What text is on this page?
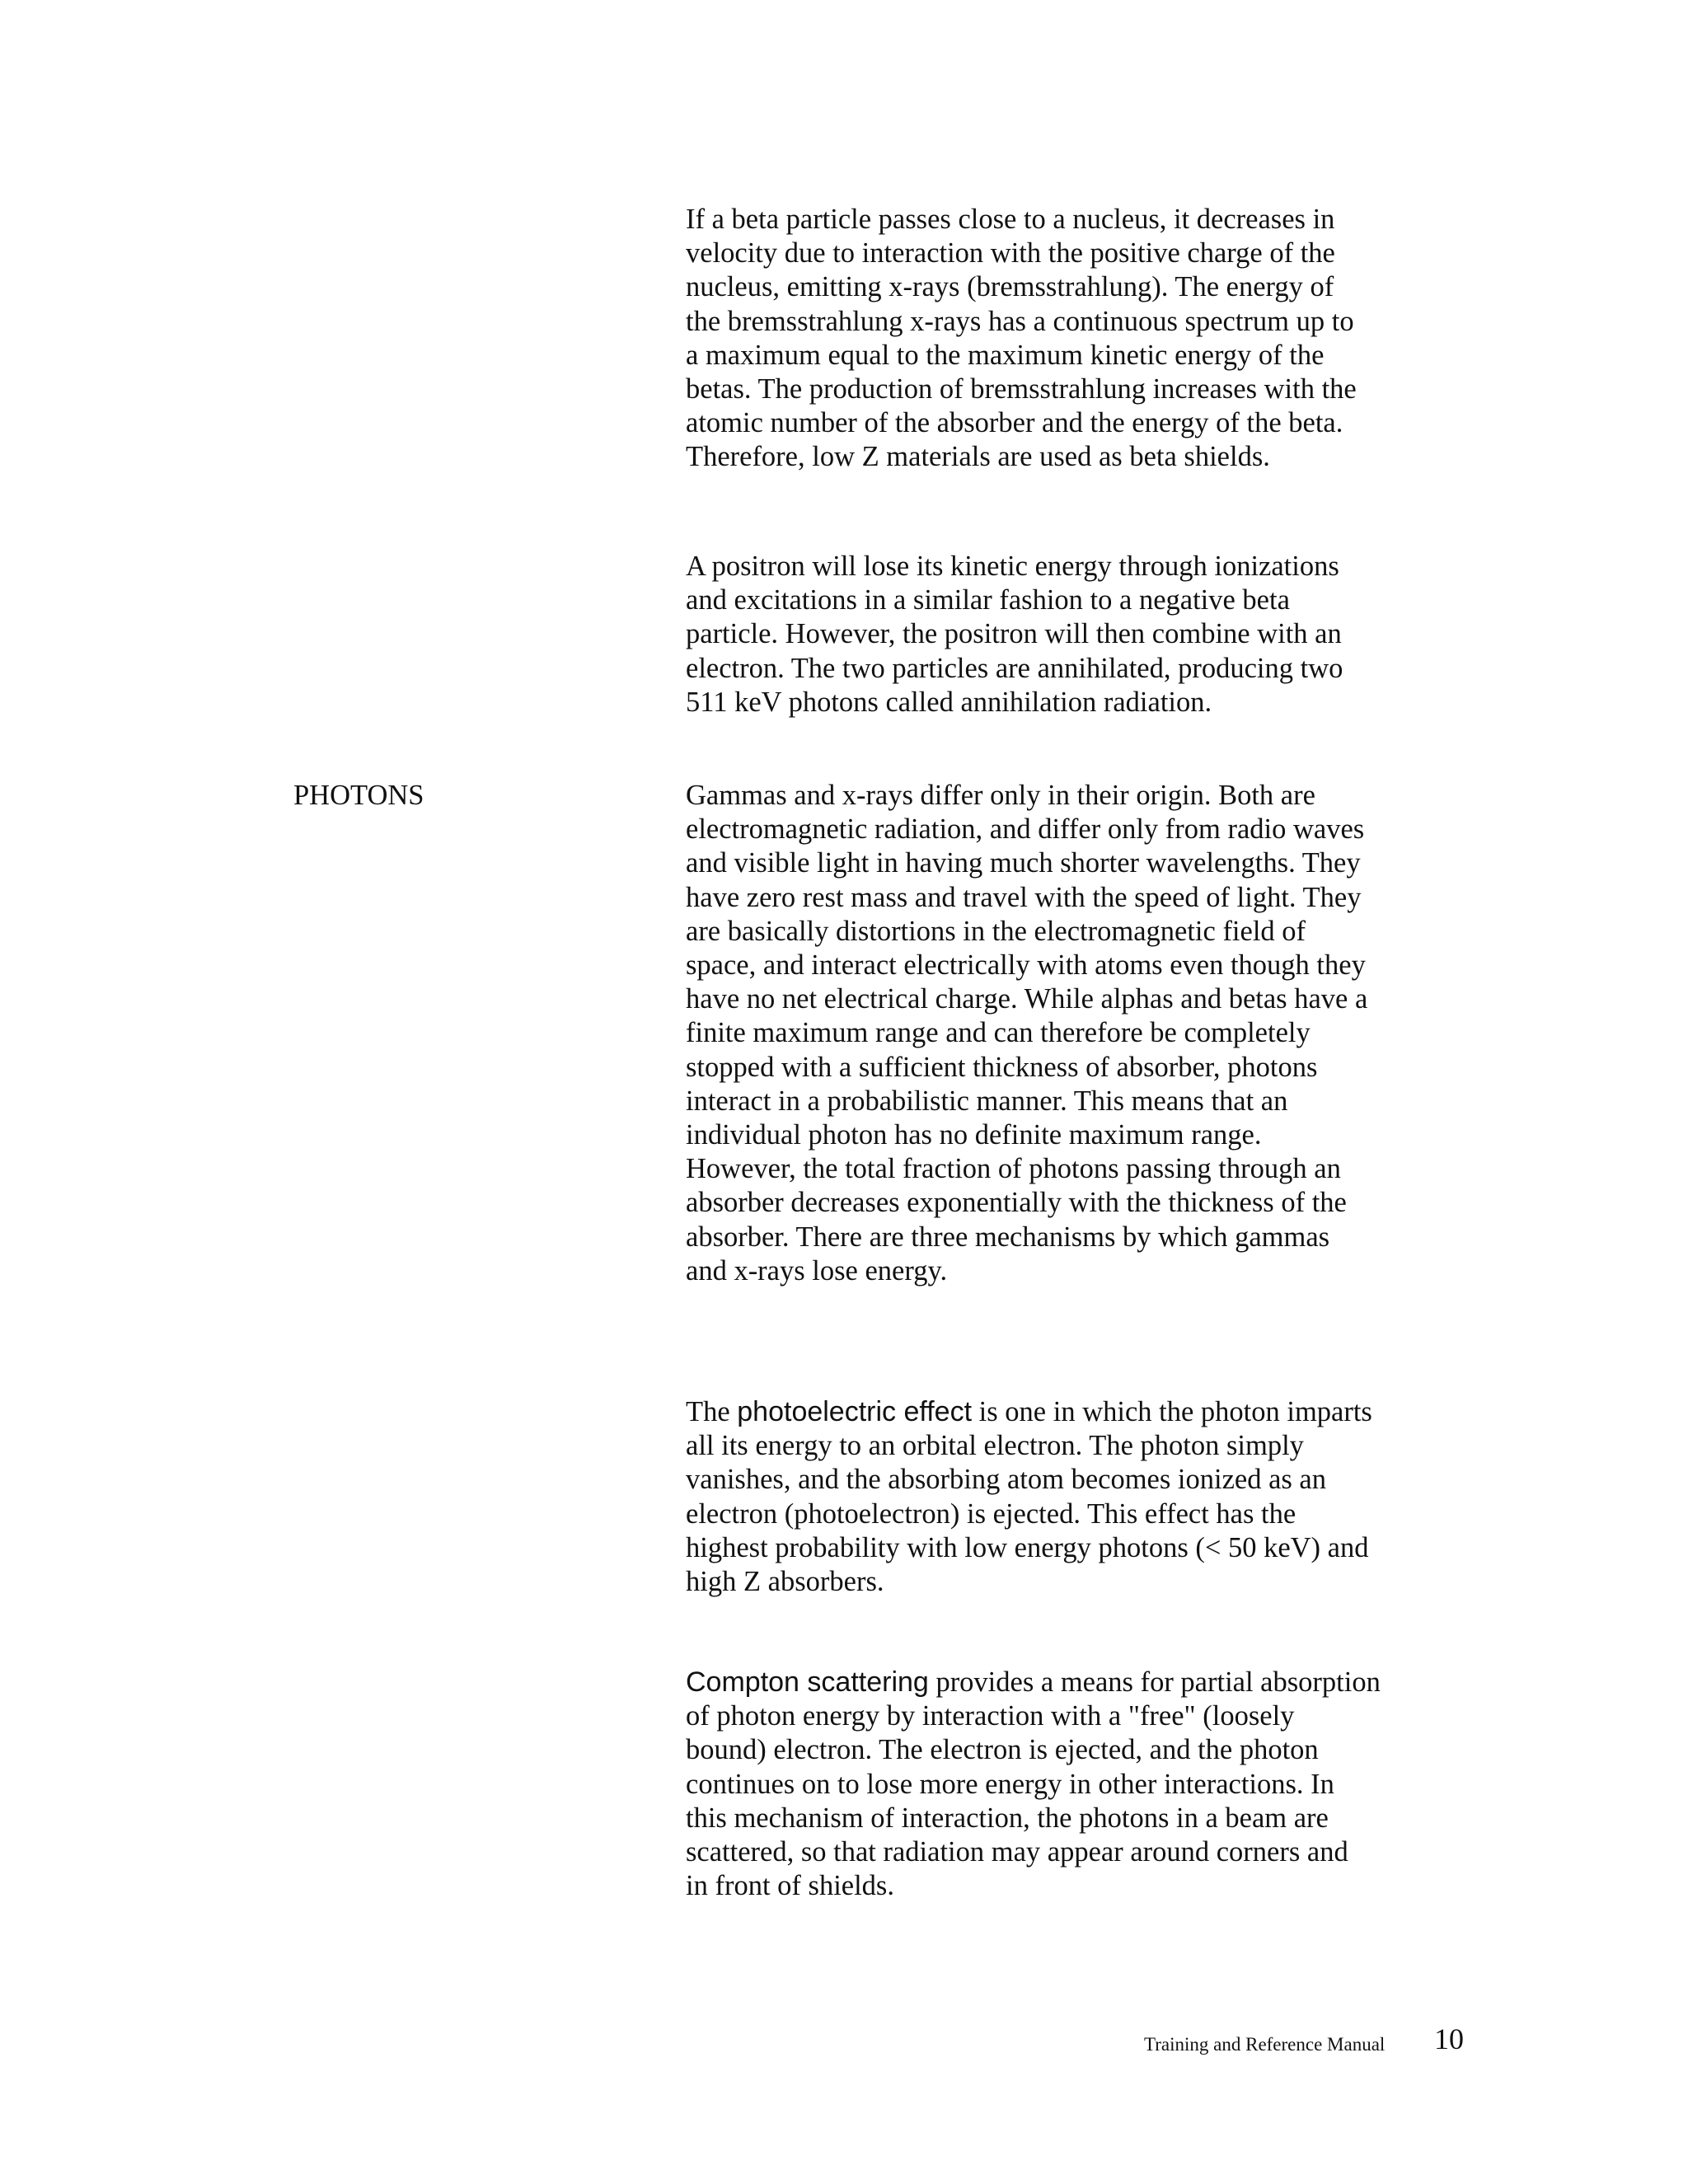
If a beta particle passes close to a nucleus, it decreases in
velocity due to interaction with the positive charge of the
nucleus, emitting x-rays (bremsstrahlung). The energy of
the bremsstrahlung x-rays has a continuous spectrum up to
a maximum equal to the maximum kinetic energy of the
betas. The production of bremsstrahlung increases with the
atomic number of the absorber and the energy of the beta.
Therefore, low Z materials are used as beta shields.

A positron will lose its kinetic energy through ionizations
and excitations in a similar fashion to a negative beta
particle. However, the positron will then combine with an
electron. The two particles are annihilated, producing two
511 keV photons called annihilation radiation.

PHOTONS	Gammas and x-rays differ only in their origin. Both are
electromagnetic radiation, and differ only from radio waves
and visible light in having much shorter wavelengths. They
have zero rest mass and travel with the speed of light. They
are basically distortions in the electromagnetic field of
space, and interact electrically with atoms even though they
have no net electrical charge. While alphas and betas have a
finite maximum range and can therefore be completely
stopped with a sufficient thickness of absorber, photons
interact in a probabilistic manner. This means that an
individual photon has no definite maximum range.
However, the total fraction of photons passing through an
absorber decreases exponentially with the thickness of the
absorber. There are three mechanisms by which gammas
and x-rays lose energy.

The photoelectric effect is one in which the photon imparts
all its energy to an orbital electron. The photon simply
vanishes, and the absorbing atom becomes ionized as an
electron (photoelectron) is ejected. This effect has the
highest probability with low energy photons (< 50 keV) and
high Z absorbers.

Compton scattering provides a means for partial absorption
of photon energy by interaction with a "free" (loosely
bound) electron. The electron is ejected, and the photon
continues on to lose more energy in other interactions. In
this mechanism of interaction, the photons in a beam are
scattered, so that radiation may appear around corners and
in front of shields.

Training and Reference Manual 10
